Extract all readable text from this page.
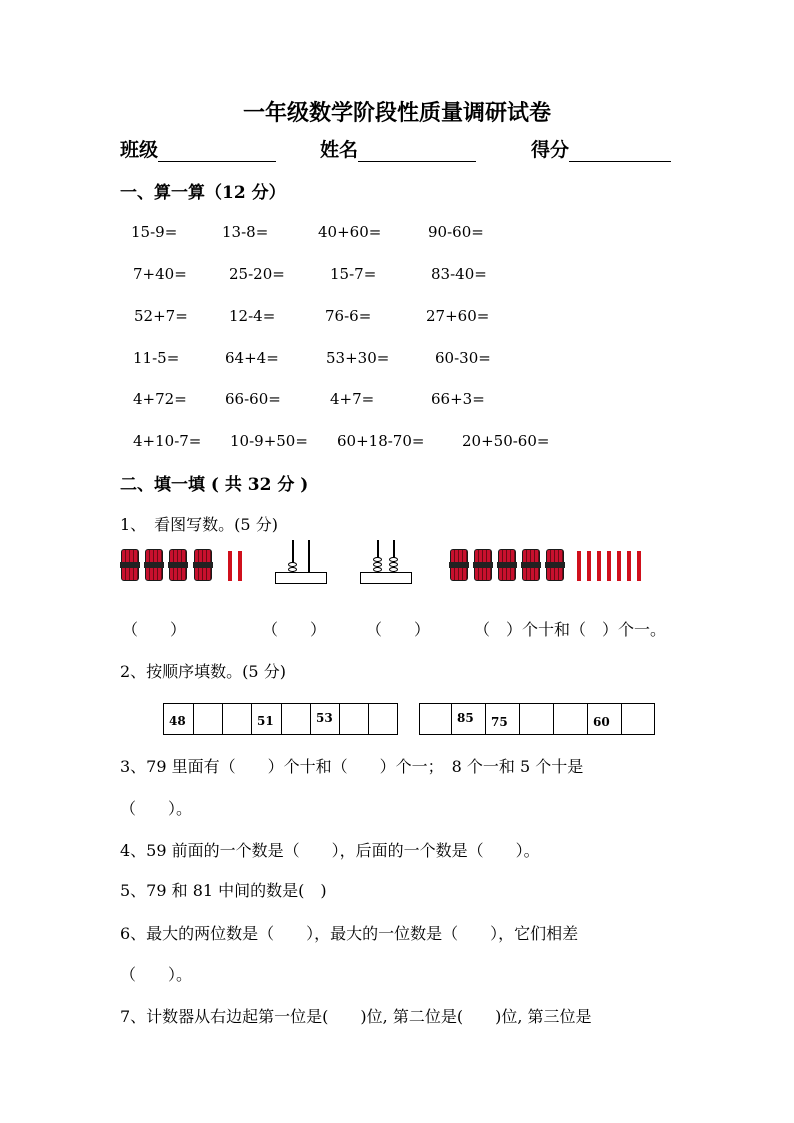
一年级数学阶段性质量调研试卷
班级	姓名	得分
一、算一算（12 分）
15-9=	13-8=	40+60=	90-60=
7+40=	25-20=	15-7=	83-40=
52+7=	12-4=	76-6=	27+60=
11-5=	64+4=	53+30=	60-30=
4+72=	66-60=	4+7=	66+3=
4+10-7= 10-9+50= 60+18-70=	20+50-60=
二、填一填 ( 共 32 分 )
1、　看图写数。(5 分)
（　　）	（　　） （　　）	（　）个十和（　）个一。
2、按顺序填数。(5 分)
48	51	53	85 75	60
3、79 里面有（　　）个十和（　　）个一；　8 个一和 5 个十是
（　　）。
4、59 前面的一个数是（　　），后面的一个数是（　　）。
5、79 和 81 中间的数是(　)
6、最大的两位数是（　　），最大的一位数是（　　），它们相差
（　　）。
7、计数器从右边起第一位是(　　)位, 第二位是(　　)位, 第三位是
